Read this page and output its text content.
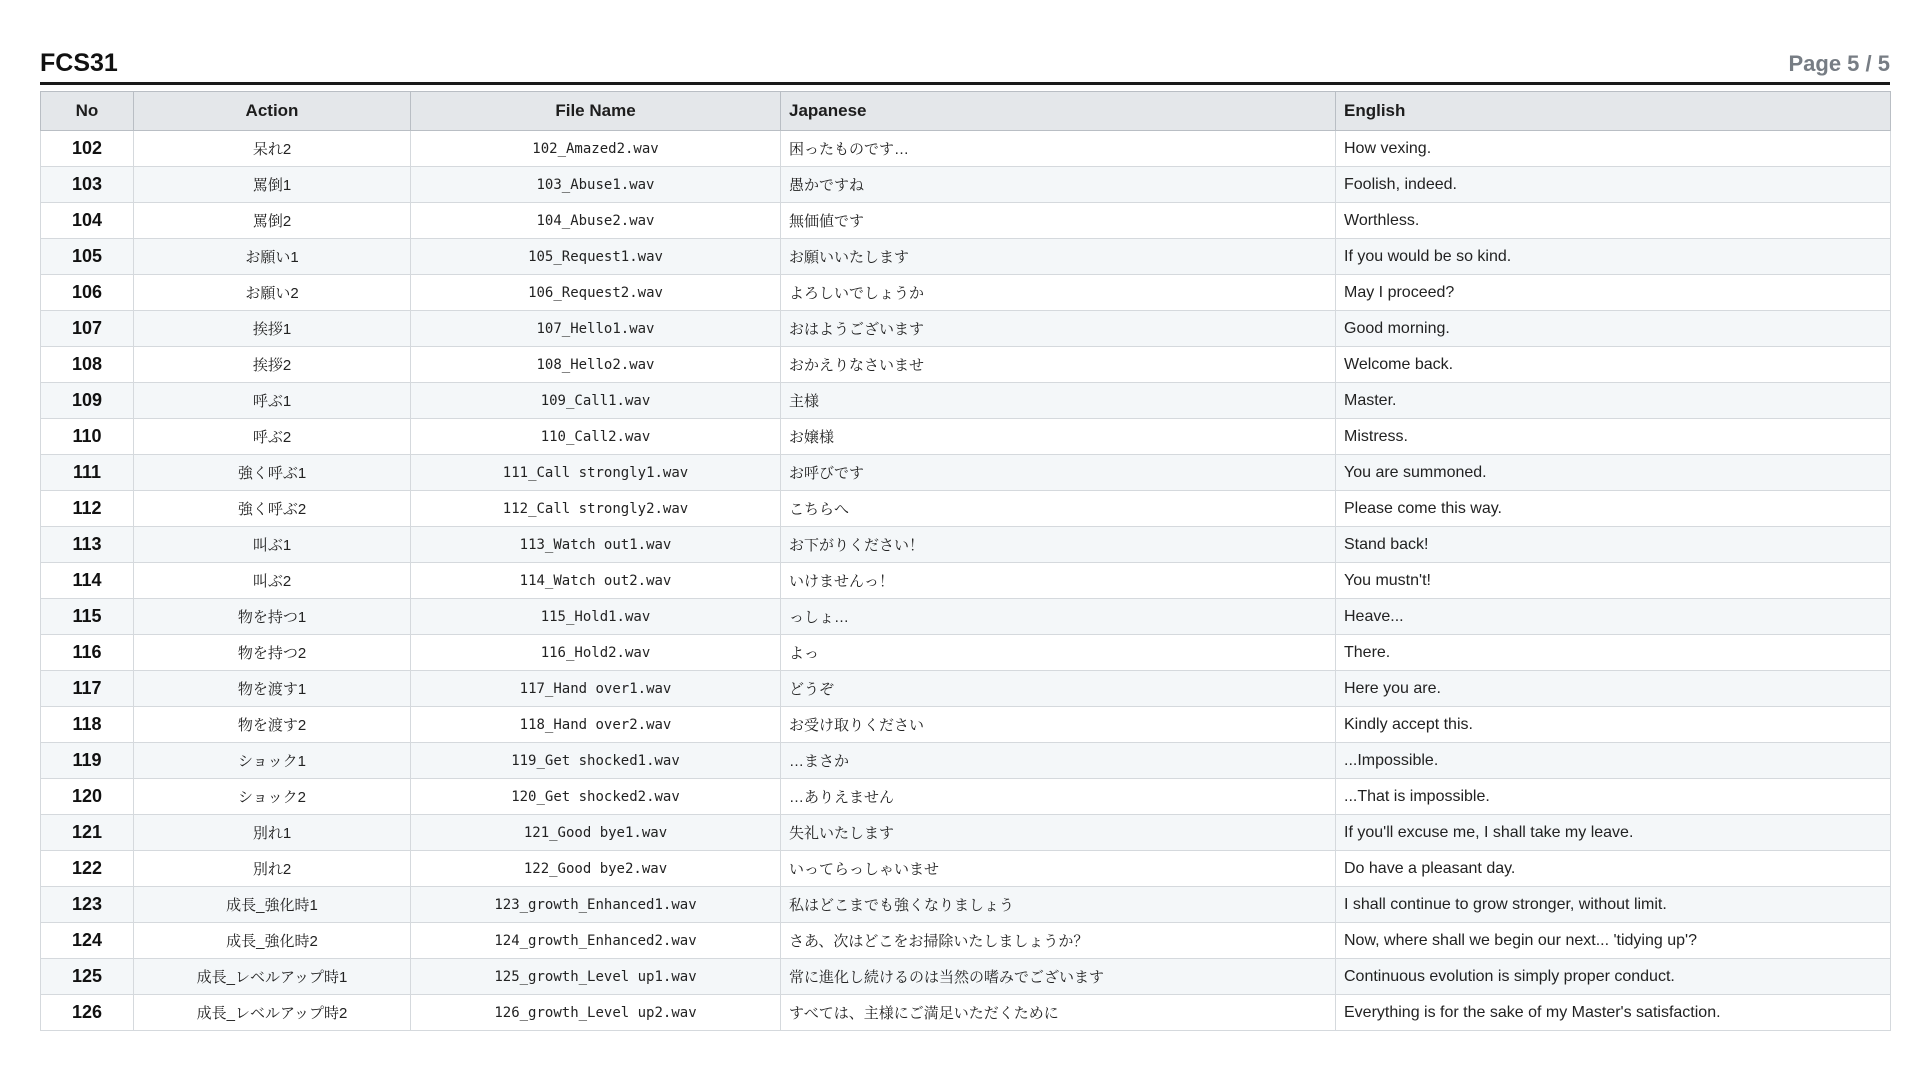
FCS31	Page 5 / 5
No	Action	File Name	Japanese	English
102	呆れ2	102_Amazed2.wav	困ったものです…	How vexing.
103	罵倒1	103_Abuse1.wav	愚かですね	Foolish, indeed.
104	罵倒2	104_Abuse2.wav	無価値です	Worthless.
105	お願い1	105_Request1.wav	お願いいたします	If you would be so kind.
106	お願い2	106_Request2.wav	よろしいでしょうか	May I proceed?
107	挨拶1	107_Hello1.wav	おはようございます	Good morning.
108	挨拶2	108_Hello2.wav	おかえりなさいませ	Welcome back.
109	呼ぶ1	109_Call1.wav	主様	Master.
110	呼ぶ2	110_Call2.wav	お嬢様	Mistress.
111	強く呼ぶ1	111_Call strongly1.wav	お呼びです	You are summoned.
112	強く呼ぶ2	112_Call strongly2.wav	こちらへ	Please come this way.
113	叫ぶ1	113_Watch out1.wav	お下がりください！	Stand back!
114	叫ぶ2	114_Watch out2.wav	いけませんっ！	You mustn't!
115	物を持つ1	115_Hold1.wav	っしょ…	Heave...
116	物を持つ2	116_Hold2.wav	よっ	There.
117	物を渡す1	117_Hand over1.wav	どうぞ	Here you are.
118	物を渡す2	118_Hand over2.wav	お受け取りください	Kindly accept this.
119	ショック1	119_Get shocked1.wav	…まさか	...Impossible.
120	ショック2	120_Get shocked2.wav	…ありえません	...That is impossible.
121	別れ1	121_Good bye1.wav	失礼いたします	If you'll excuse me, I shall take my leave.
122	別れ2	122_Good bye2.wav	いってらっしゃいませ	Do have a pleasant day.
123	成長_強化時1	123_growth_Enhanced1.wav	私はどこまでも強くなりましょう	I shall continue to grow stronger, without limit.
124	成長_強化時2	124_growth_Enhanced2.wav	さあ、次はどこをお掃除いたしましょうか？	Now, where shall we begin our next... 'tidying up'?
125	成長_レベルアップ時1	125_growth_Level up1.wav	常に進化し続けるのは当然の嗜みでございます	Continuous evolution is simply proper conduct.
126	成長_レベルアップ時2	126_growth_Level up2.wav	すべては、主様にご満足いただくために	Everything is for the sake of my Master's satisfaction.
